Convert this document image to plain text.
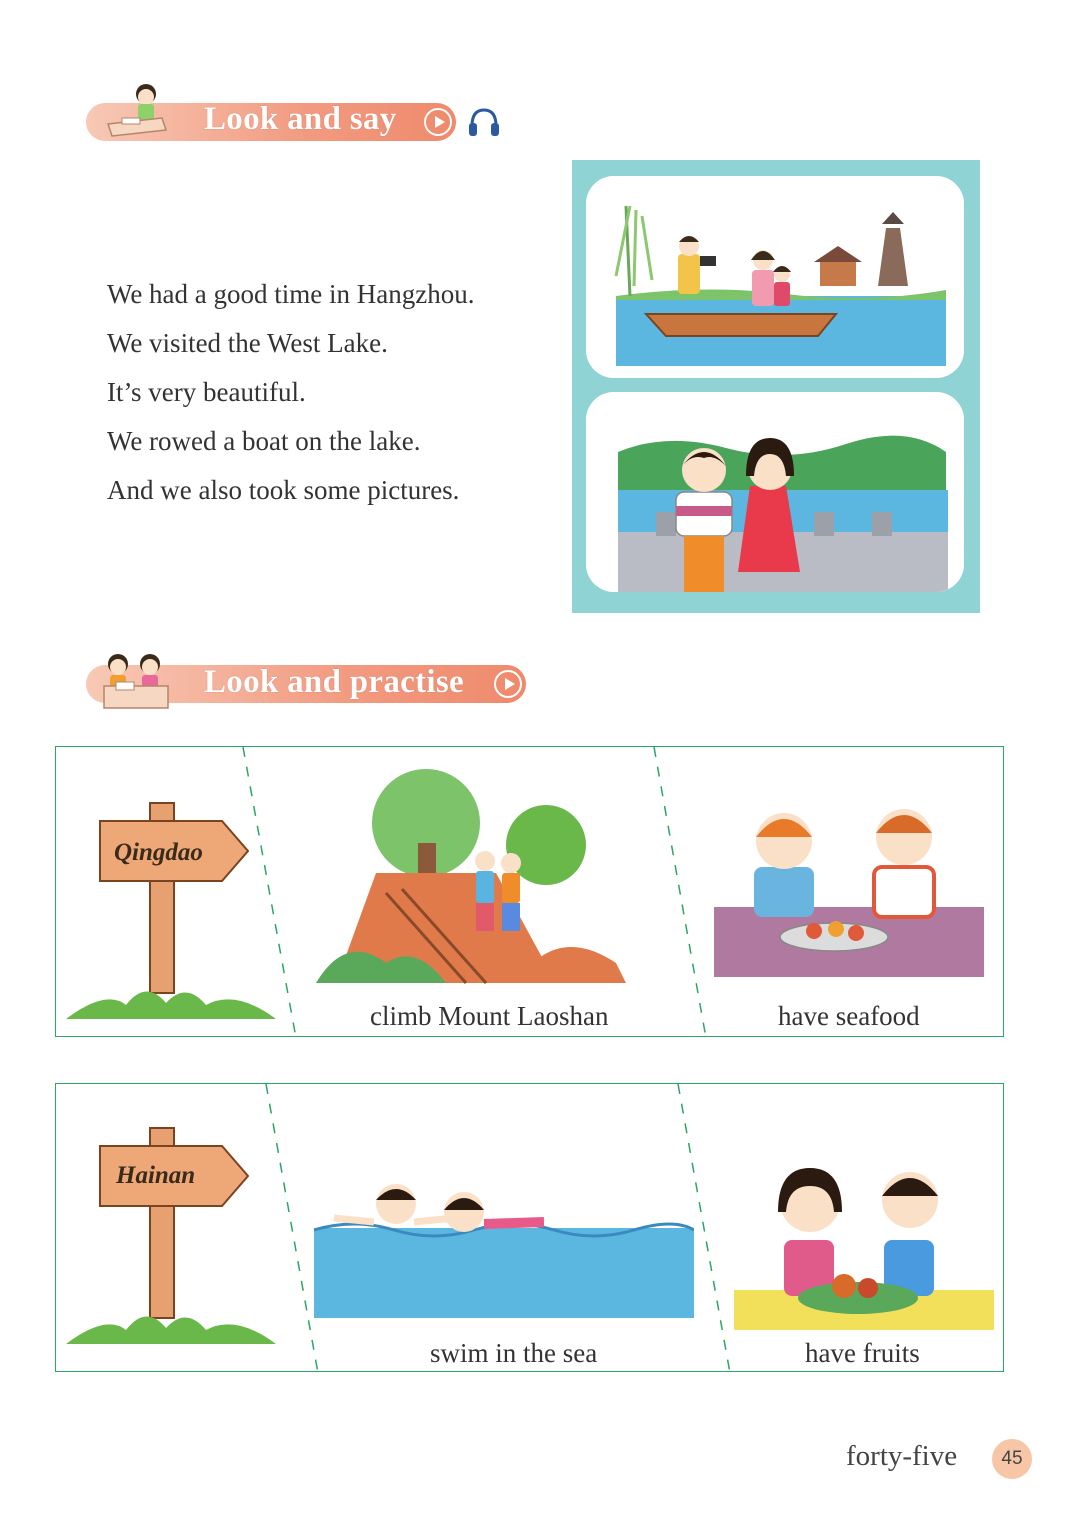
Look and say
We had a good time in Hangzhou.
We visited the West Lake.
It’s very beautiful.
We rowed a boat on the lake.
And we also took some pictures.
Look and practise
Qingdao
climb Mount Laoshan	have seafood
Hainan
swim in the sea	have fruits
forty-five	45
